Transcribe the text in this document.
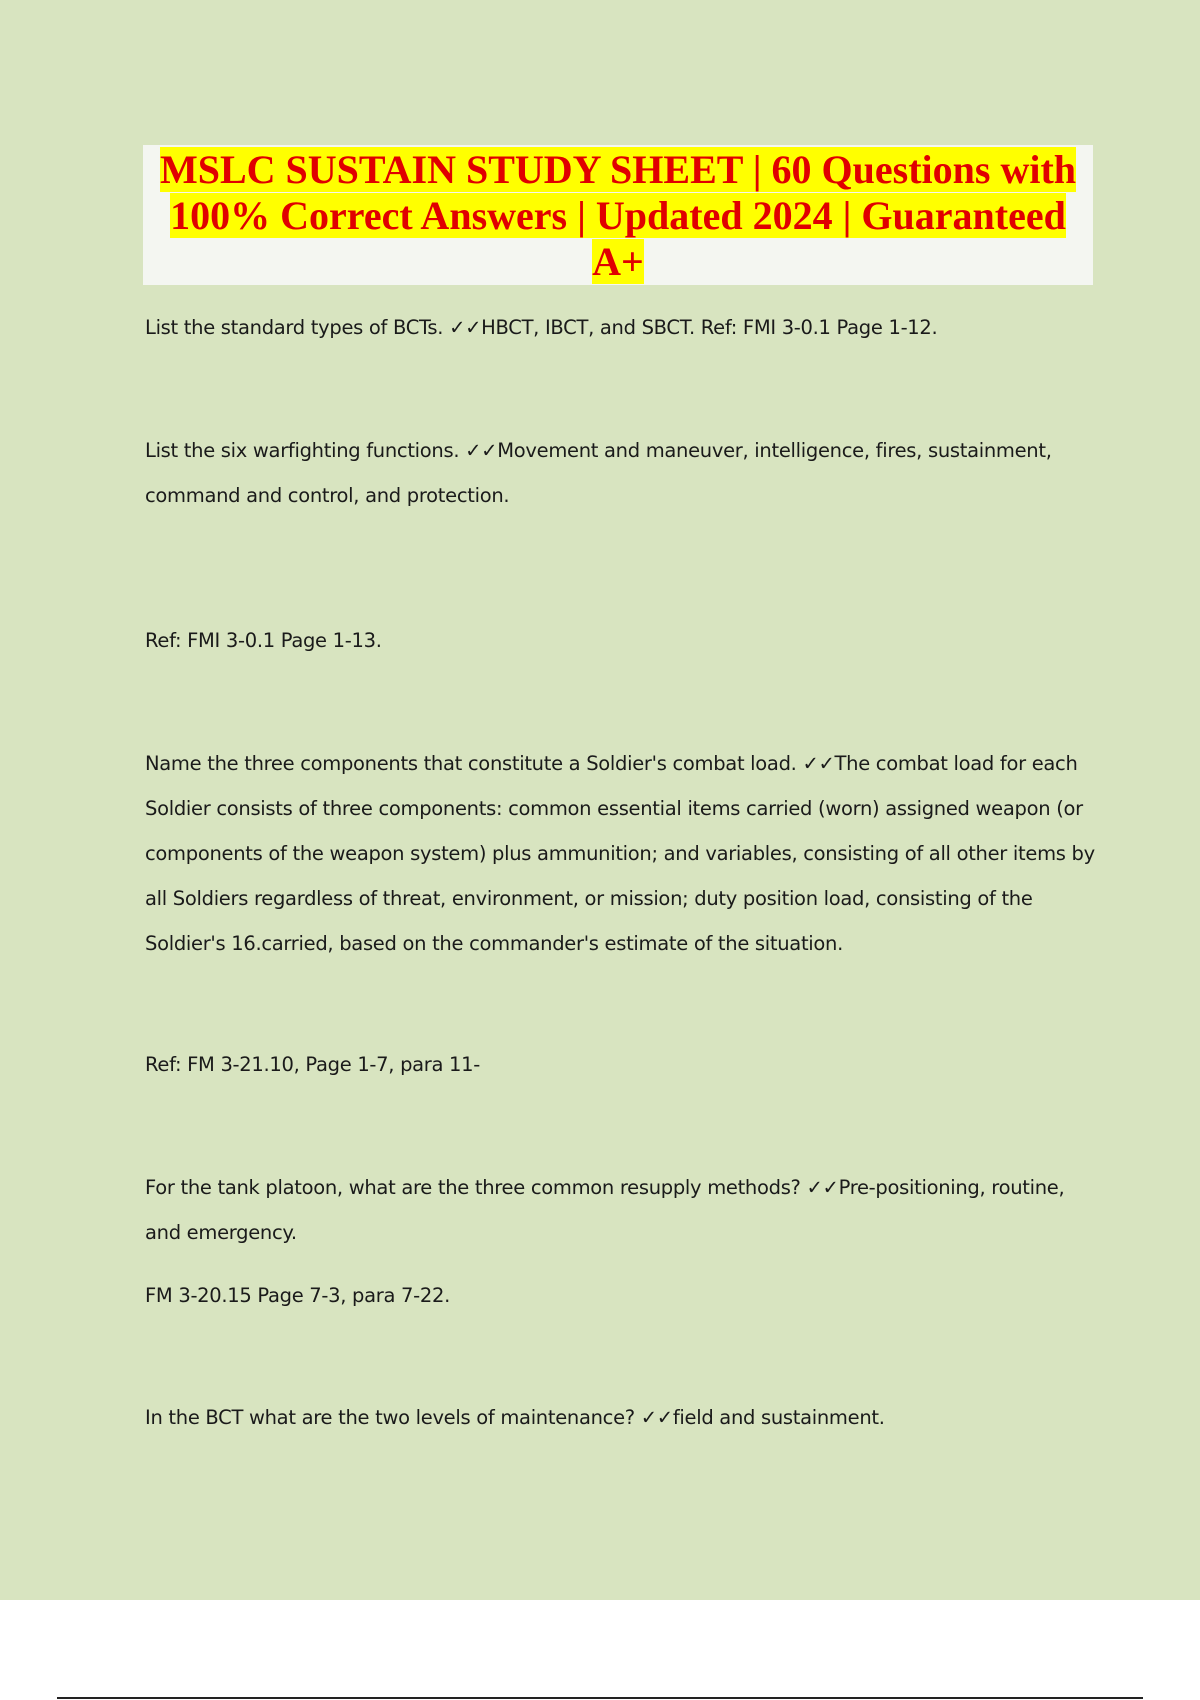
MSLC SUSTAIN STUDY SHEET | 60 Questions with 100% Correct Answers | Updated 2024 | Guaranteed A+

List the standard types of BCTs. ✓✓HBCT, IBCT, and SBCT. Ref: FMI 3-0.1 Page 1-12.

List the six warfighting functions. ✓✓Movement and maneuver, intelligence, fires, sustainment, command and control, and protection.

Ref: FMI 3-0.1 Page 1-13.

Name the three components that constitute a Soldier's combat load. ✓✓The combat load for each Soldier consists of three components: common essential items carried (worn) assigned weapon (or components of the weapon system) plus ammunition; and variables, consisting of all other items by all Soldiers regardless of threat, environment, or mission; duty position load, consisting of the Soldier's 16.carried, based on the commander's estimate of the situation.

Ref: FM 3-21.10, Page 1-7, para 11-

For the tank platoon, what are the three common resupply methods? ✓✓Pre-positioning, routine, and emergency.

FM 3-20.15 Page 7-3, para 7-22.

In the BCT what are the two levels of maintenance? ✓✓field and sustainment.
